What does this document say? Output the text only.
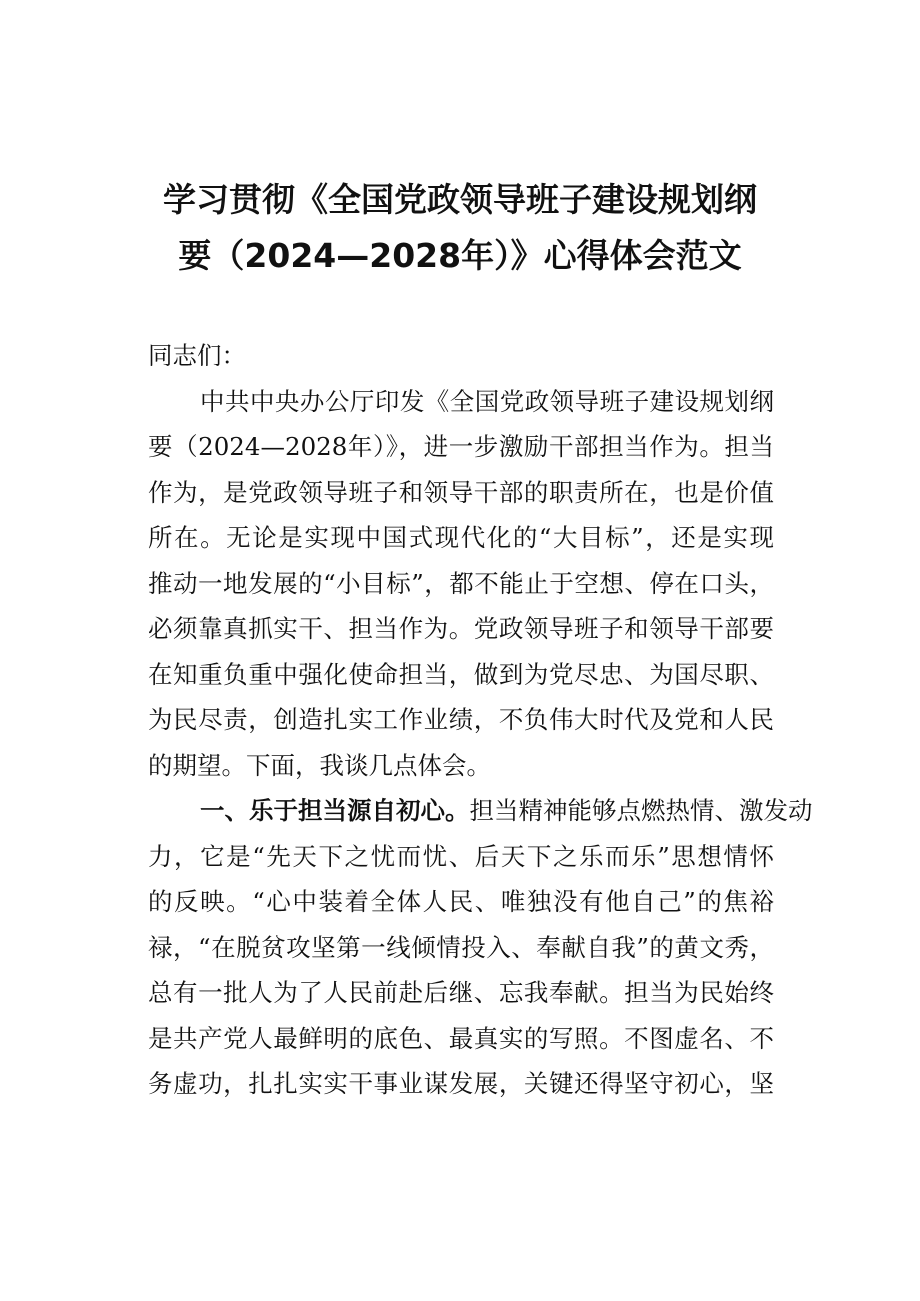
学习贯彻《全国党政领导班子建设规划纲
要（2024—2028年）》心得体会范文
同志们：
中共中央办公厅印发《全国党政领导班子建设规划纲
要（2024—2028年）》，进一步激励干部担当作为。担当
作为，是党政领导班子和领导干部的职责所在，也是价值
所在。无论是实现中国式现代化的“大目标”，还是实现
推动一地发展的“小目标”，都不能止于空想、停在口头，
必须靠真抓实干、担当作为。党政领导班子和领导干部要
在知重负重中强化使命担当，做到为党尽忠、为国尽职、
为民尽责，创造扎实工作业绩，不负伟大时代及党和人民
的期望。下面，我谈几点体会。
一、乐于担当源自初心。担当精神能够点燃热情、激发动
力，它是“先天下之忧而忧、后天下之乐而乐”思想情怀
的反映。“心中装着全体人民、唯独没有他自己”的焦裕
禄，“在脱贫攻坚第一线倾情投入、奉献自我”的黄文秀，
总有一批人为了人民前赴后继、忘我奉献。担当为民始终
是共产党人最鲜明的底色、最真实的写照。不图虚名、不
务虚功，扎扎实实干事业谋发展，关键还得坚守初心，坚
